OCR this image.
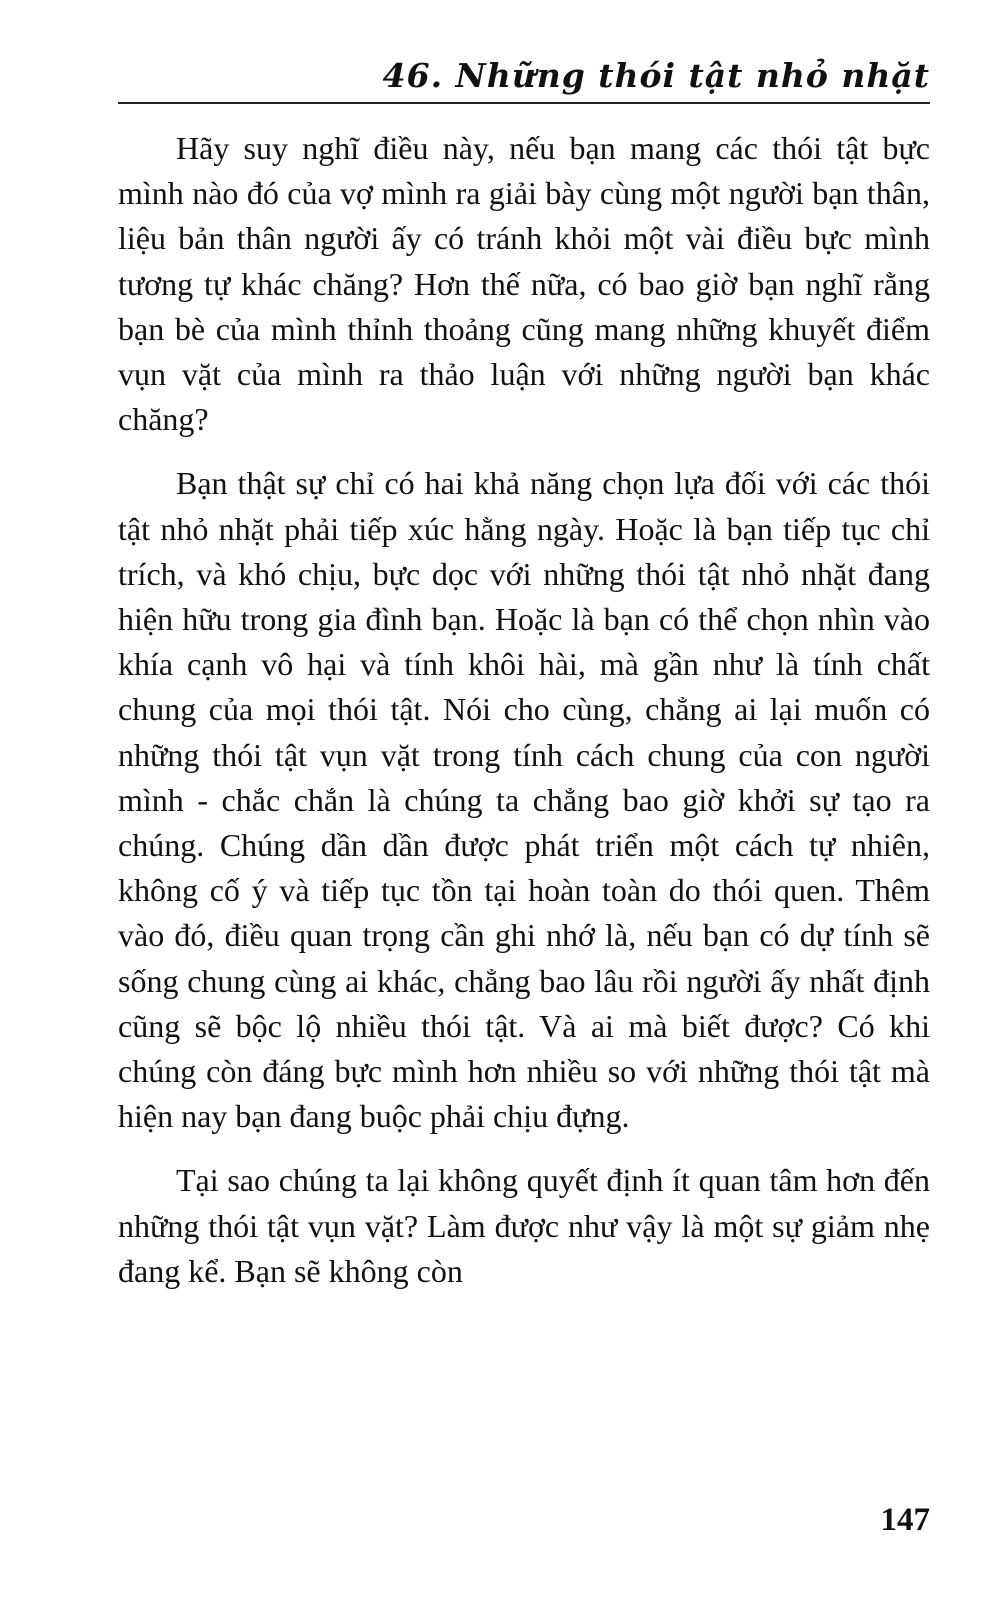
46. Những thói tật nhỏ nhặt

Hãy suy nghĩ điều này, nếu bạn mang các thói tật bực mình nào đó của vợ mình ra giải bày cùng một người bạn thân, liệu bản thân người ấy có tránh khỏi một vài điều bực mình tương tự khác chăng? Hơn thế nữa, có bao giờ bạn nghĩ rằng bạn bè của mình thỉnh thoảng cũng mang những khuyết điểm vụn vặt của mình ra thảo luận với những người bạn khác chăng?

Bạn thật sự chỉ có hai khả năng chọn lựa đối với các thói tật nhỏ nhặt phải tiếp xúc hằng ngày. Hoặc là bạn tiếp tục chỉ trích, và khó chịu, bực dọc với những thói tật nhỏ nhặt đang hiện hữu trong gia đình bạn. Hoặc là bạn có thể chọn nhìn vào khía cạnh vô hại và tính khôi hài, mà gần như là tính chất chung của mọi thói tật. Nói cho cùng, chẳng ai lại muốn có những thói tật vụn vặt trong tính cách chung của con người mình - chắc chắn là chúng ta chẳng bao giờ khởi sự tạo ra chúng. Chúng dần dần được phát triển một cách tự nhiên, không cố ý và tiếp tục tồn tại hoàn toàn do thói quen. Thêm vào đó, điều quan trọng cần ghi nhớ là, nếu bạn có dự tính sẽ sống chung cùng ai khác, chẳng bao lâu rồi người ấy nhất định cũng sẽ bộc lộ nhiều thói tật. Và ai mà biết được? Có khi chúng còn đáng bực mình hơn nhiều so với những thói tật mà hiện nay bạn đang buộc phải chịu đựng.

Tại sao chúng ta lại không quyết định ít quan tâm hơn đến những thói tật vụn vặt? Làm được như vậy là một sự giảm nhẹ đang kể. Bạn sẽ không còn

147
